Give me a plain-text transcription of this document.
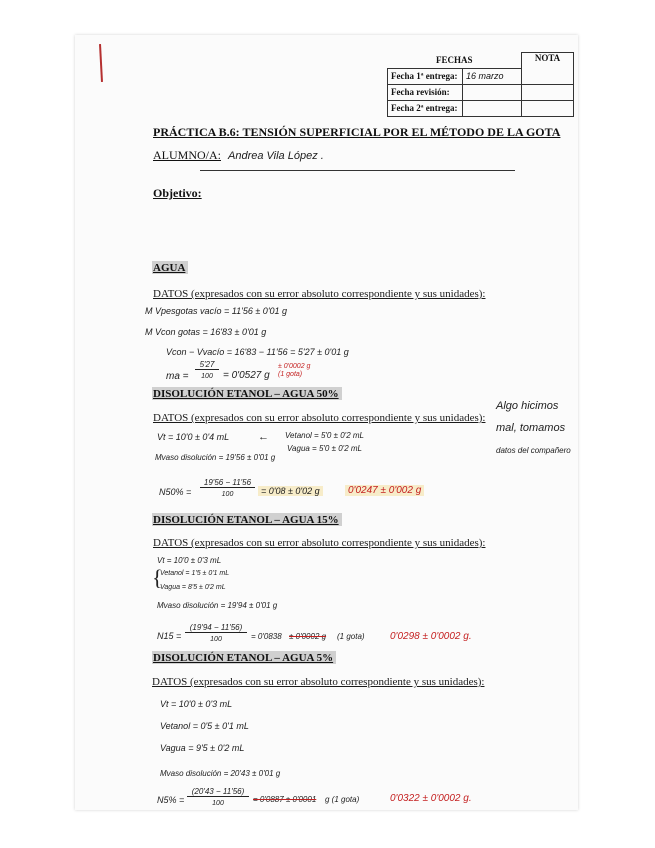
FECHAS		NOTA
Fecha 1ª entrega:	16 marzo	
Fecha revisión:		
Fecha 2ª entrega:		
PRÁCTICA B.6: TENSIÓN SUPERFICIAL POR EL MÉTODO DE LA GOTA
ALUMNO/A: Andrea Vila López .
Objetivo:
AGUA
DATOS (expresados con su error absoluto correspondiente y sus unidades):
M Vpesgotas vacío = 11'56 ± 0'01 g
M Vcon gotas = 16'83 ± 0'01 g
Vcon − Vvacío = 16'83 − 11'56 = 5'27 ± 0'01 g
ma =
5'27
100	= 0'0527 g
± 0'0002 g (1 gota)
DISOLUCIÓN ETANOL – AGUA 50%
DATOS (expresados con su error absoluto correspondiente y sus unidades):
Vt = 10'0 ± 0'4 mL	← Vetanol = 5'0 ± 0'2 mL
Vagua = 5'0 ± 0'2 mL
Mvaso disolución = 19'56 ± 0'01 g
N50% =
19'56 − 11'56
100	= 0'08 ± 0'02 g	0'0247 ± 0'002 g
Algo hicimos
mal, tomamos
datos del compañero
DISOLUCIÓN ETANOL – AGUA 15%
DATOS (expresados con su error absoluto correspondiente y sus unidades):
Vt = 10'0 ± 0'3 mL
Vetanol = 1'5 ± 0'1 mL
Vagua = 8'5 ± 0'2 mL
{
Mvaso disolución = 19'94 ± 0'01 g
N15 =
(19'94 − 11'56)
100	= 0'0838 ± 0'0002 g (1 gota)	0'0298 ± 0'0002 g.
DISOLUCIÓN ETANOL – AGUA 5%
DATOS (expresados con su error absoluto correspondiente y sus unidades):
Vt = 10'0 ± 0'3 mL
Vetanol = 0'5 ± 0'1 mL
Vagua = 9'5 ± 0'2 mL
Mvaso disolución = 20'43 ± 0'01 g
N5% =
(20'43 − 11'56)
100	= 0'0887 ± 0'0001 g (1 gota)	0'0322 ± 0'0002 g.
